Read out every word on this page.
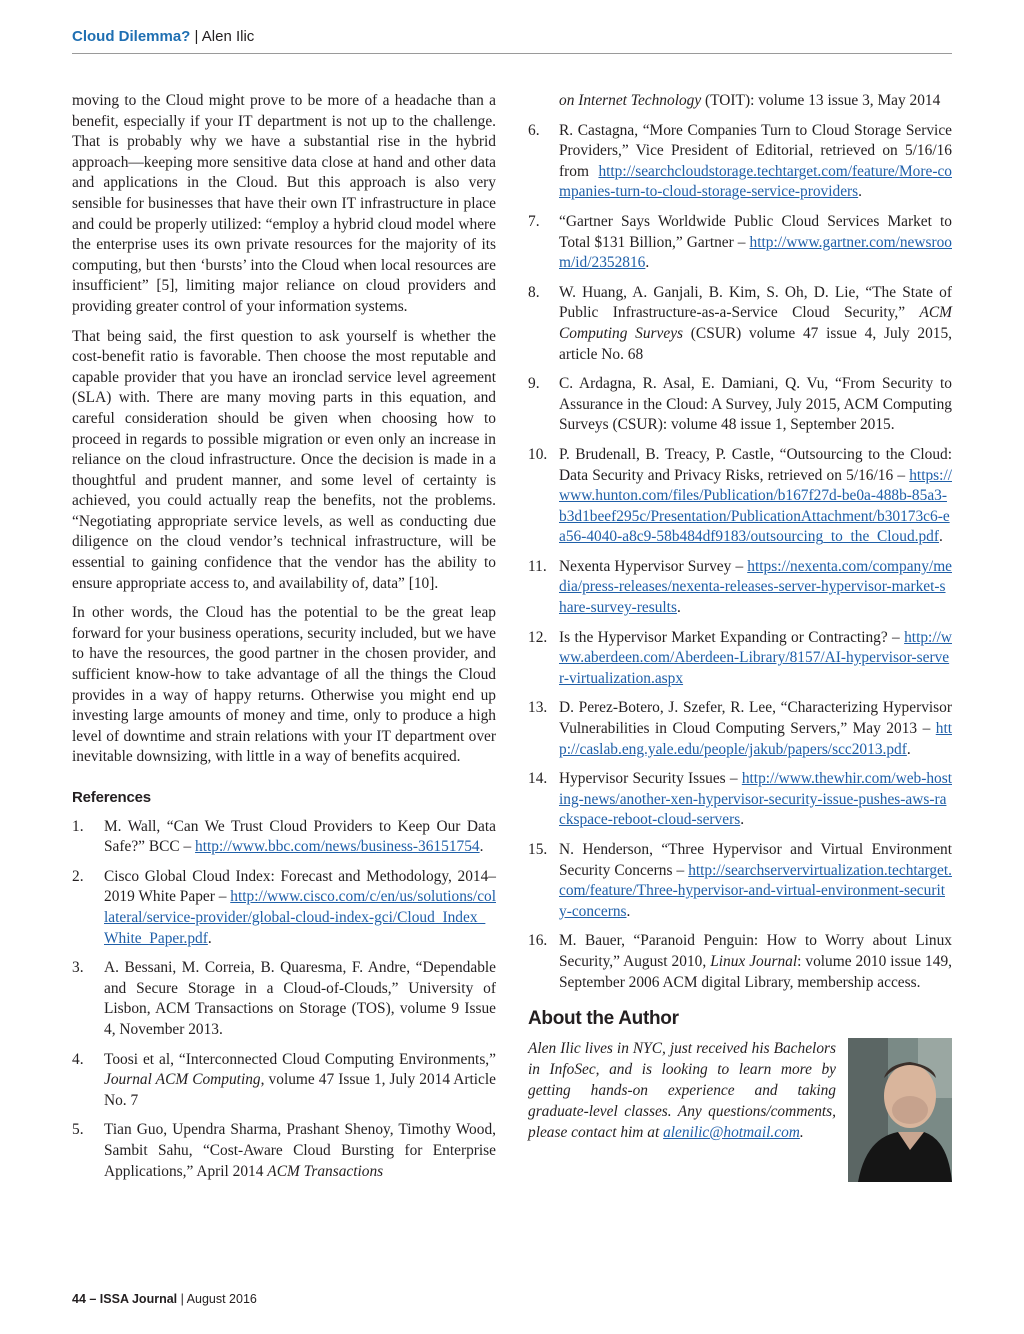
Cloud Dilemma? | Alen Ilic

moving to the Cloud might prove to be more of a headache than a benefit, especially if your IT department is not up to the challenge. That is probably why we have a substantial rise in the hybrid approach—keeping more sensitive data close at hand and other data and applications in the Cloud. But this approach is also very sensible for businesses that have their own IT infrastructure in place and could be properly utilized: “employ a hybrid cloud model where the enterprise uses its own private resources for the majority of its computing, but then ‘bursts’ into the Cloud when local resources are insufficient” [5], limiting major reliance on cloud providers and providing greater control of your information systems.

That being said, the first question to ask yourself is whether the cost-benefit ratio is favorable. Then choose the most reputable and capable provider that you have an ironclad service level agreement (SLA) with. There are many moving parts in this equation, and careful consideration should be given when choosing how to proceed in regards to possible migration or even only an increase in reliance on the cloud infrastructure. Once the decision is made in a thoughtful and prudent manner, and some level of certainty is achieved, you could actually reap the benefits, not the problems. “Negotiating appropriate service levels, as well as conducting due diligence on the cloud vendor’s technical infrastructure, will be essential to gaining confidence that the vendor has the ability to ensure appropriate access to, and availability of, data” [10].

In other words, the Cloud has the potential to be the great leap forward for your business operations, security included, but we have to have the resources, the good partner in the chosen provider, and sufficient know-how to take advantage of all the things the Cloud provides in a way of happy returns. Otherwise you might end up investing large amounts of money and time, only to produce a high level of downtime and strain relations with your IT department over inevitable downsizing, with little in a way of benefits acquired.

References
1. M. Wall, “Can We Trust Cloud Providers to Keep Our Data Safe?” BCC – http://www.bbc.com/news/business-36151754.
2. Cisco Global Cloud Index: Forecast and Methodology, 2014–2019 White Paper – http://www.cisco.com/c/en/us/solutions/collateral/service-provider/global-cloud-index-gci/Cloud_Index_White_Paper.pdf.
3. A. Bessani, M. Correia, B. Quaresma, F. Andre, “Dependable and Secure Storage in a Cloud-of-Clouds,” University of Lisbon, ACM Transactions on Storage (TOS), volume 9 Issue 4, November 2013.
4. Toosi et al, “Interconnected Cloud Computing Environments,” Journal ACM Computing, volume 47 Issue 1, July 2014 Article No. 7
5. Tian Guo, Upendra Sharma, Prashant Shenoy, Timothy Wood, Sambit Sahu, “Cost-Aware Cloud Bursting for Enterprise Applications,” April 2014 ACM Transactions
on Internet Technology (TOIT): volume 13 issue 3, May 2014
6. R. Castagna, “More Companies Turn to Cloud Storage Service Providers,” Vice President of Editorial, retrieved on 5/16/16 from http://searchcloudstorage.techtarget.com/feature/More-companies-turn-to-cloud-storage-service-providers.
7. “Gartner Says Worldwide Public Cloud Services Market to Total $131 Billion,” Gartner – http://www.gartner.com/newsroom/id/2352816.
8. W. Huang, A. Ganjali, B. Kim, S. Oh, D. Lie, “The State of Public Infrastructure-as-a-Service Cloud Security,” ACM Computing Surveys (CSUR) volume 47 issue 4, July 2015, article No. 68
9. C. Ardagna, R. Asal, E. Damiani, Q. Vu, “From Security to Assurance in the Cloud: A Survey, July 2015, ACM Computing Surveys (CSUR): volume 48 issue 1, September 2015.
10. P. Brudenall, B. Treacy, P. Castle, “Outsourcing to the Cloud: Data Security and Privacy Risks, retrieved on 5/16/16 – https://www.hunton.com/files/Publication/b167f27d-be0a-488b-85a3-b3d1beef295c/Presentation/PublicationAttachment/b30173c6-ea56-4040-a8c9-58b484df9183/outsourcing_to_the_Cloud.pdf.
11. Nexenta Hypervisor Survey – https://nexenta.com/company/media/press-releases/nexenta-releases-server-hypervisor-market-share-survey-results.
12. Is the Hypervisor Market Expanding or Contracting? – http://www.aberdeen.com/Aberdeen-Library/8157/AI-hypervisor-server-virtualization.aspx
13. D. Perez-Botero, J. Szefer, R. Lee, “Characterizing Hypervisor Vulnerabilities in Cloud Computing Servers,” May 2013 – http://caslab.eng.yale.edu/people/jakub/papers/scc2013.pdf.
14. Hypervisor Security Issues – http://www.thewhir.com/web-hosting-news/another-xen-hypervisor-security-issue-pushes-aws-rackspace-reboot-cloud-servers.
15. N. Henderson, “Three Hypervisor and Virtual Environment Security Concerns – http://searchservervirtualization.techtarget.com/feature/Three-hypervisor-and-virtual-environment-security-concerns.
16. M. Bauer, “Paranoid Penguin: How to Worry about Linux Security,” August 2010, Linux Journal: volume 2010 issue 149, September 2006 ACM digital Library, membership access.
About the Author
Alen Ilic lives in NYC, just received his Bachelors in InfoSec, and is looking to learn more by getting hands-on experience and taking graduate-level classes. Any questions/comments, please contact him at alenilic@hotmail.com.
44 – ISSA Journal | August 2016
